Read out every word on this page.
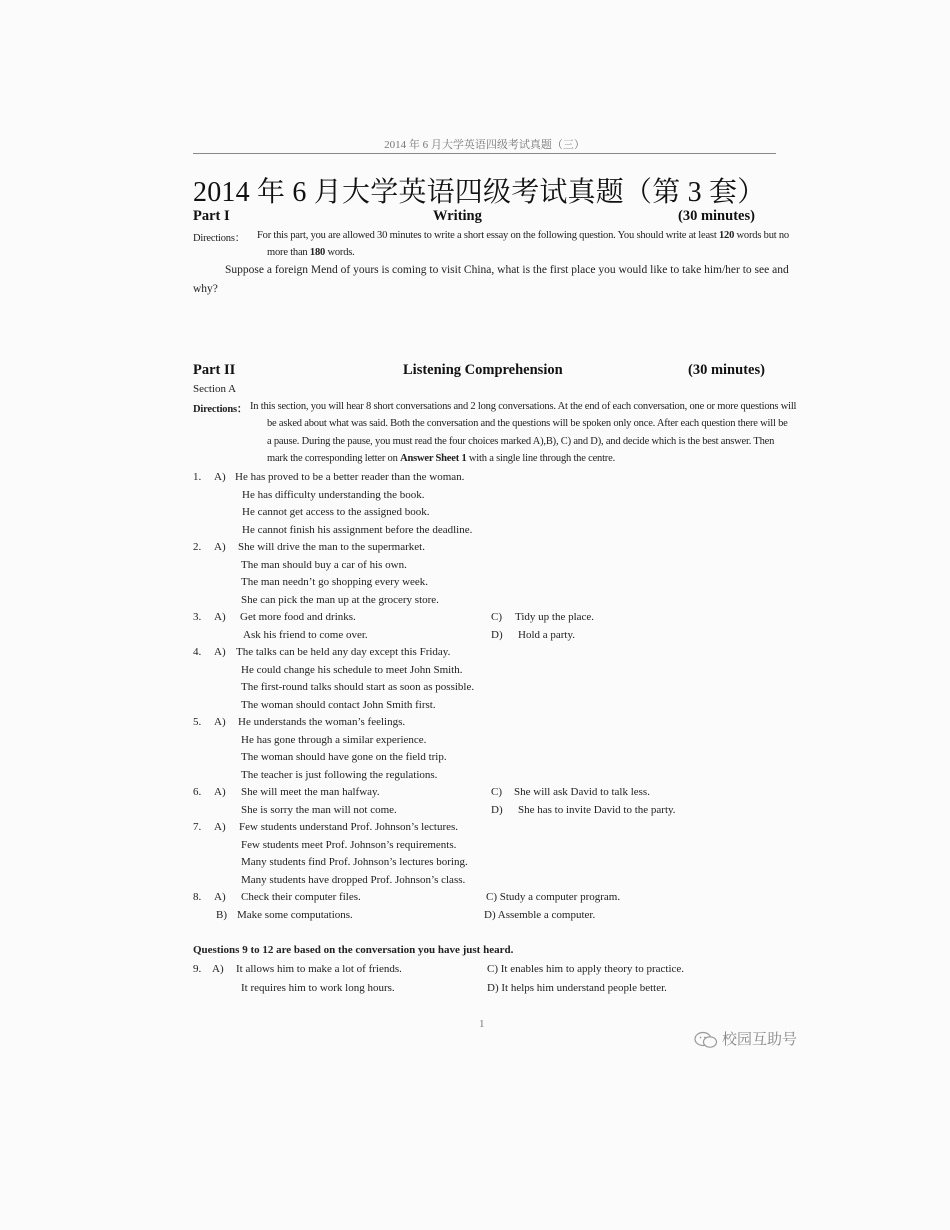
2014 年 6 月大学英语四级考试真题（三）
2014 年 6 月大学英语四级考试真题（第 3 套）
Part I	Writing	(30 minutes)
Directions： For this part, you are allowed 30 minutes to write a short essay on the following question. You should write at least 120 words but no
more than 180 words.
Suppose a foreign Mend of yours is coming to visit China, what is the first place you would like to take him/her to see and
why?
Part II	Listening Comprehension	(30 minutes)
Section A
Directions： In this section, you will hear 8 short conversations and 2 long conversations. At the end of each conversation, one or more questions will
be asked about what was said. Both the conversation and the questions will be spoken only once. After each question there will be
a pause. During the pause, you must read the four choices marked A),B), C) and D), and decide which is the best answer. Then
mark the corresponding letter on Answer Sheet 1 with a single line through the centre.
1. A) He has proved to be a better reader than the woman.
He has difficulty understanding the book.
He cannot get access to the assigned book.
He cannot finish his assignment before the deadline.
2. A) She will drive the man to the supermarket.
The man should buy a car of his own.
The man needn’t go shopping every week.
She can pick the man up at the grocery store.
3. A) Get more food and drinks.
Ask his friend to come over.
C) Tidy up the place.
D) Hold a party.
4. A) The talks can be held any day except this Friday.
He could change his schedule to meet John Smith.
The first-round talks should start as soon as possible.
The woman should contact John Smith first.
5. A) He understands the woman’s feelings.
He has gone through a similar experience.
The woman should have gone on the field trip.
The teacher is just following the regulations.
6. A) She will meet the man halfway.
She is sorry the man will not come.
C) She will ask David to talk less.
D) She has to invite David to the party.
7. A) Few students understand Prof. Johnson’s lectures.
Few students meet Prof. Johnson’s requirements.
Many students find Prof. Johnson’s lectures boring.
Many students have dropped Prof. Johnson’s class.
8. A) Check their computer files.
B) Make some computations.
C) Study a computer program.
D) Assemble a computer.
Questions 9 to 12 are based on the conversation you have just heard.
9. A) It allows him to make a lot of friends.
It requires him to work long hours.
C) It enables him to apply theory to practice.
D) It helps him understand people better.
1
校园互助号
